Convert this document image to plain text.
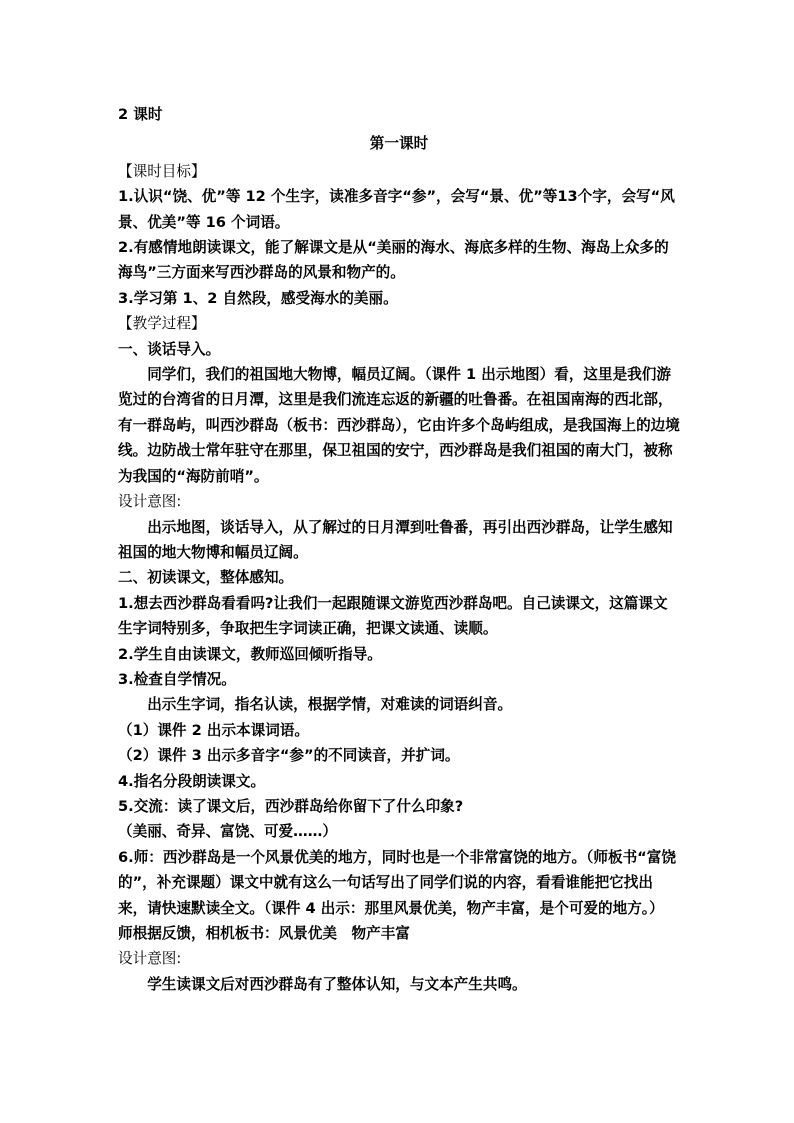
2 课时

第一课时

【课时目标】

1.认识“饶、优”等 12 个生字，读准多音字“参”，会写“景、优”等13个字，会写“风景、优美”等 16 个词语。

2.有感情地朗读课文，能了解课文是从“美丽的海水、海底多样的生物、海岛上众多的海鸟”三方面来写西沙群岛的风景和物产的。

3.学习第 1、2 自然段，感受海水的美丽。

【教学过程】

一、谈话导入。

同学们，我们的祖国地大物博，幅员辽阔。（课件 1 出示地图）看，这里是我们游览过的台湾省的日月潭，这里是我们流连忘返的新疆的吐鲁番。在祖国南海的西北部，有一群岛屿，叫西沙群岛（板书：西沙群岛），它由许多个岛屿组成，是我国海上的边境线。边防战士常年驻守在那里，保卫祖国的安宁，西沙群岛是我们祖国的南大门，被称为我国的“海防前哨”。

设计意图:

出示地图，谈话导入，从了解过的日月潭到吐鲁番，再引出西沙群岛，让学生感知祖国的地大物博和幅员辽阔。

二、初读课文，整体感知。

1.想去西沙群岛看看吗?让我们一起跟随课文游览西沙群岛吧。自己读课文，这篇课文生字词特别多，争取把生字词读正确，把课文读通、读顺。

2.学生自由读课文，教师巡回倾听指导。

3.检查自学情况。

出示生字词，指名认读，根据学情，对难读的词语纠音。

（1）课件 2 出示本课词语。

（2）课件 3 出示多音字“参”的不同读音，并扩词。

4.指名分段朗读课文。

5.交流：读了课文后，西沙群岛给你留下了什么印象?

（美丽、奇异、富饶、可爱……）

6.师：西沙群岛是一个风景优美的地方，同时也是一个非常富饶的地方。（师板书“富饶的”，补充课题）课文中就有这么一句话写出了同学们说的内容，看看谁能把它找出来，请快速默读全文。（课件 4 出示：那里风景优美，物产丰富，是个可爱的地方。）

师根据反馈，相机板书：风景优美　物产丰富

设计意图:

学生读课文后对西沙群岛有了整体认知，与文本产生共鸣。
